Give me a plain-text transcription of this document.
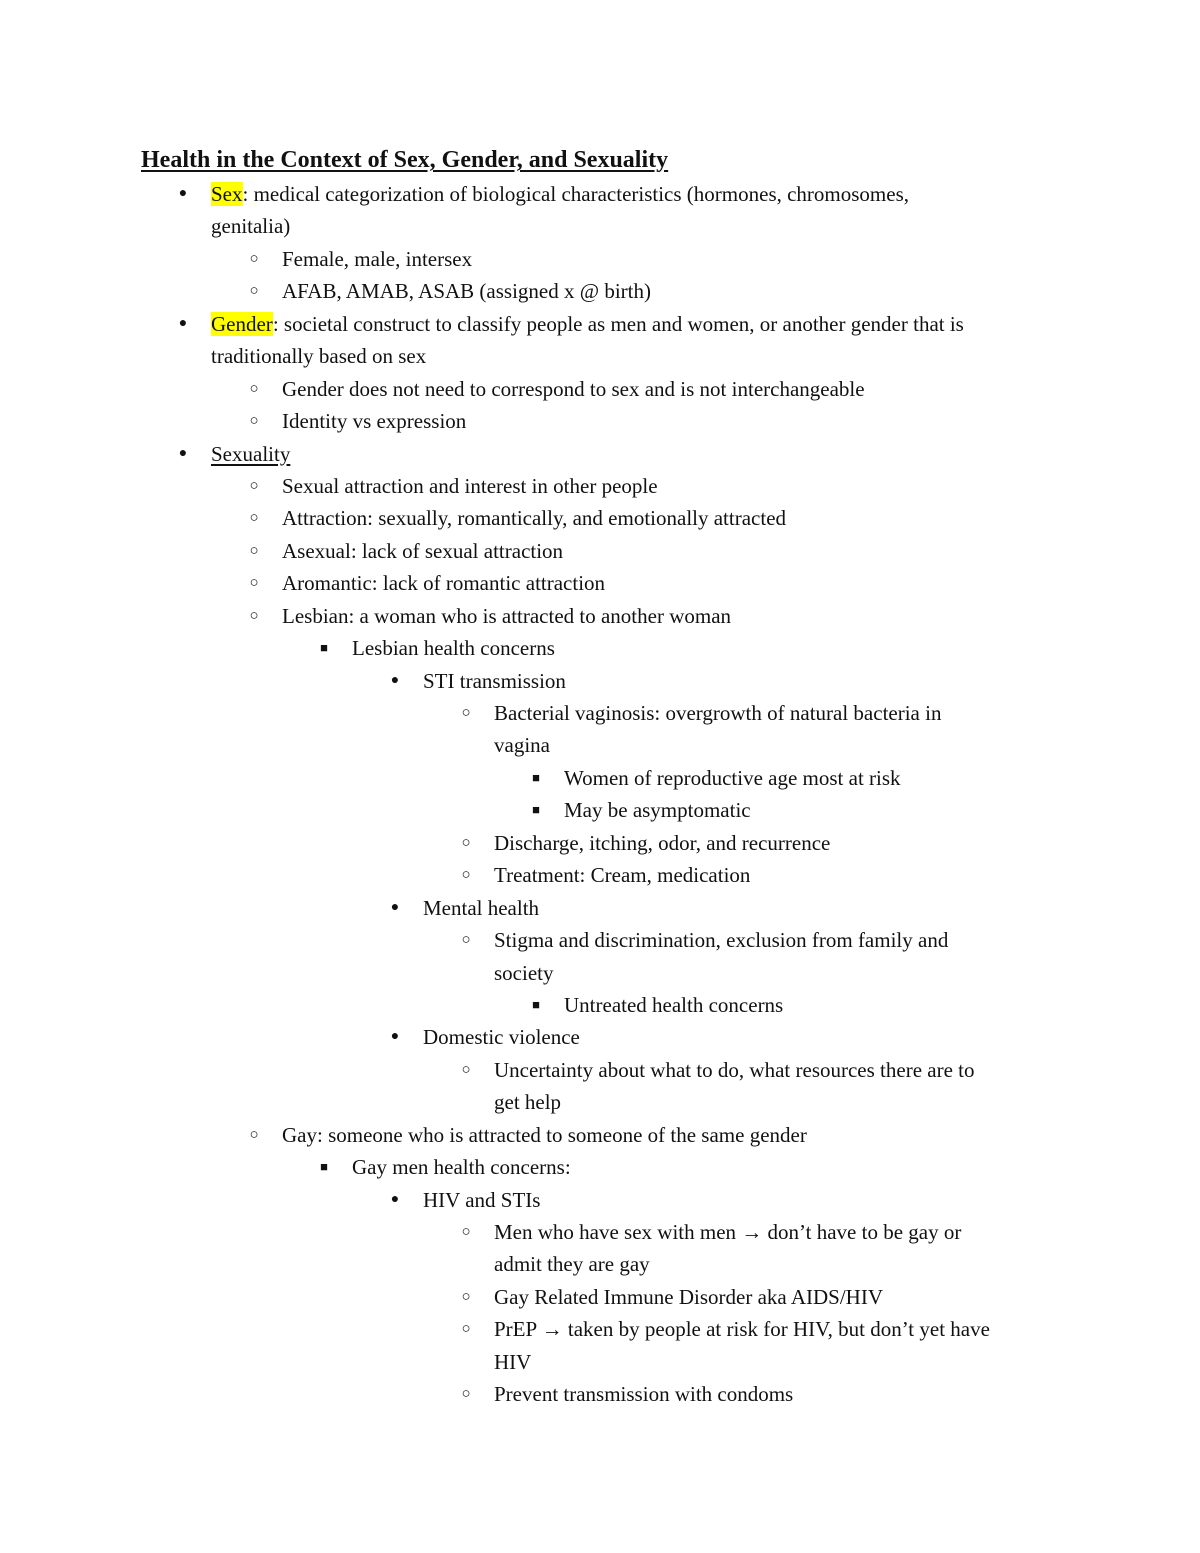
Health in the Context of Sex, Gender, and Sexuality
●	Sex: medical categorization of biological characteristics (hormones, chromosomes,
genitalia)
○	Female, male, intersex
○	AFAB, AMAB, ASAB (assigned x @ birth)
●	Gender: societal construct to classify people as men and women, or another gender that is
traditionally based on sex
○	Gender does not need to correspond to sex and is not interchangeable
○	Identity vs expression
●	Sexuality
○	Sexual attraction and interest in other people
○	Attraction: sexually, romantically, and emotionally attracted
○	Asexual: lack of sexual attraction
○	Aromantic: lack of romantic attraction
○	Lesbian: a woman who is attracted to another woman
■	Lesbian health concerns
●	STI transmission
○	Bacterial vaginosis: overgrowth of natural bacteria in
vagina
■	Women of reproductive age most at risk
■	May be asymptomatic
○	Discharge, itching, odor, and recurrence
○	Treatment: Cream, medication
●	Mental health
○	Stigma and discrimination, exclusion from family and
society
■	Untreated health concerns
●	Domestic violence
○	Uncertainty about what to do, what resources there are to
get help
○	Gay: someone who is attracted to someone of the same gender
■	Gay men health concerns:
●	HIV and STIs
○	Men who have sex with men → don’t have to be gay or
admit they are gay
○	Gay Related Immune Disorder aka AIDS/HIV
○	PrEP → taken by people at risk for HIV, but don’t yet have
HIV
○	Prevent transmission with condoms
